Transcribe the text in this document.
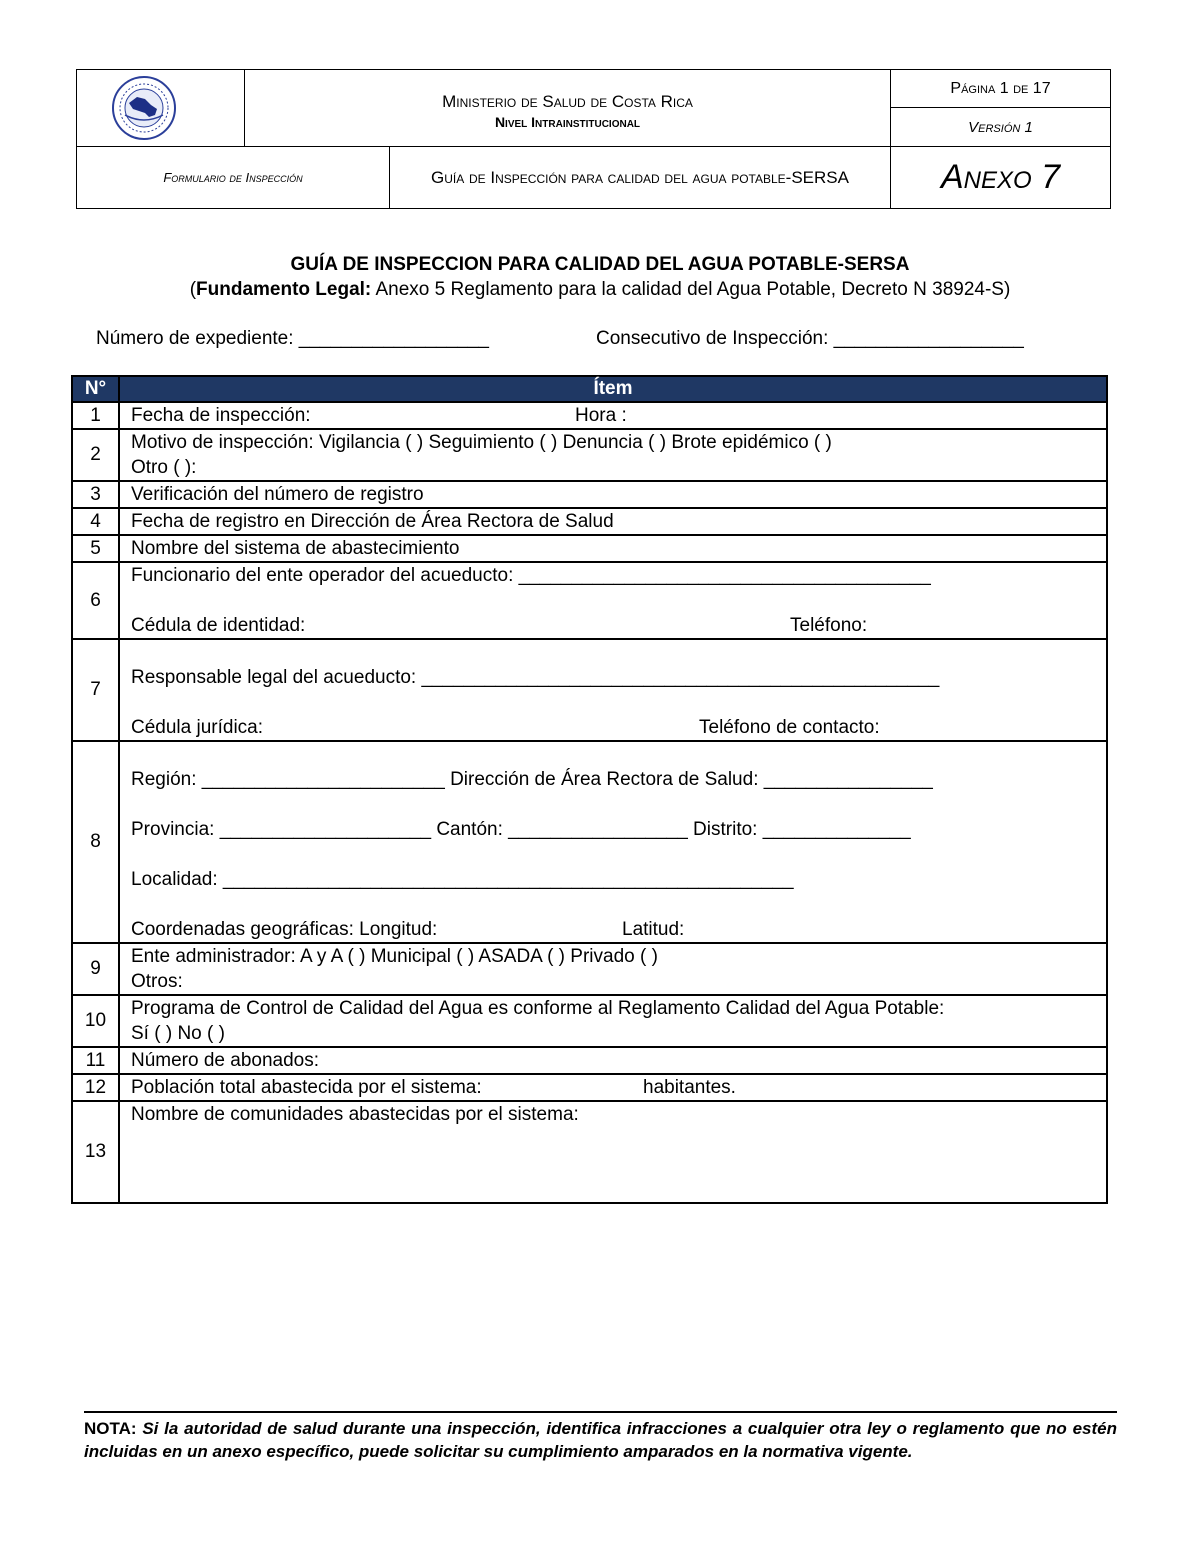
Ministerio de Salud de Costa Rica
Nivel Intrainstitucional
Página 1 de 17
Versión 1
Formulario de Inspección	Guía de Inspección para calidad del agua potable-SERSA	Anexo 7
GUÍA DE INSPECCION PARA CALIDAD DEL AGUA POTABLE-SERSA
(Fundamento Legal: Anexo 5 Reglamento para la calidad del Agua Potable, Decreto N 38924-S)
Número de expediente: __________________	Consecutivo de Inspección: __________________
N°	Ítem
1	Fecha de inspección: Hora :

2	Motivo de inspección: Vigilancia ( ) Seguimiento ( ) Denuncia ( ) Brote epidémico ( )
Otro ( ):

3	Verificación del número de registro

4	Fecha de registro en Dirección de Área Rectora de Salud

5	Nombre del sistema de abastecimiento

6	Funcionario del ente operador del acueducto: _______________________________________

Cédula de identidad: Teléfono:

7	Responsable legal del acueducto: _________________________________________________

Cédula jurídica: Teléfono de contacto:

8	Región: _______________________ Dirección de Área Rectora de Salud: ________________

Provincia: ____________________ Cantón: _________________ Distrito: ______________

Localidad: ______________________________________________________

Coordenadas geográficas: Longitud: Latitud:

9	Ente administrador: A y A ( ) Municipal ( ) ASADA ( ) Privado ( )
Otros:

10	Programa de Control de Calidad del Agua es conforme al Reglamento Calidad del Agua Potable:
Sí ( ) No ( )

11	Número de abonados:

12	Población total abastecida por el sistema: habitantes.

13	Nombre de comunidades abastecidas por el sistema:

NOTA: Si la autoridad de salud durante una inspección, identifica infracciones a cualquier otra ley o reglamento que no estén incluidas en un anexo específico, puede solicitar su cumplimiento amparados en la normativa vigente.
